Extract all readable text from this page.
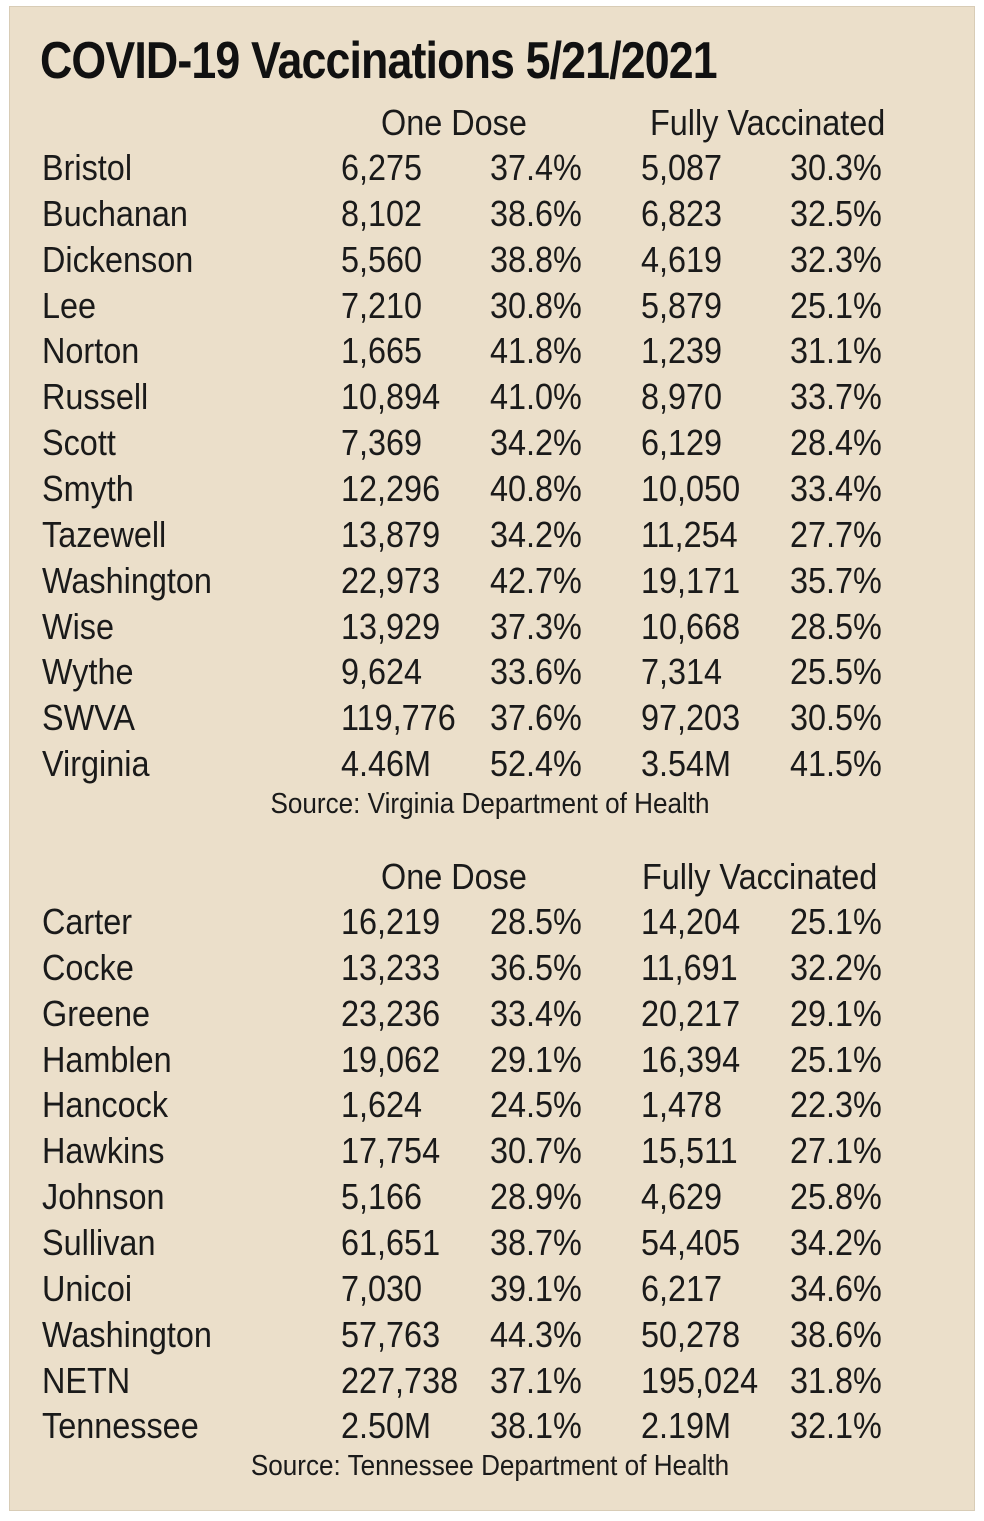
COVID-19 Vaccinations 5/21/2021
One Dose	Fully Vaccinated
Bristol	6,275 37.4% 5,087 30.3%
Buchanan	8,102 38.6% 6,823 32.5%
Dickenson	5,560 38.8% 4,619 32.3%
Lee	7,210 30.8% 5,879 25.1%
Norton	1,665 41.8% 1,239 31.1%
Russell	10,894 41.0% 8,970 33.7%
Scott	7,369 34.2% 6,129 28.4%
Smyth	12,296 40.8% 10,050 33.4%
Tazewell	13,879 34.2% 11,254 27.7%
Washington	22,973 42.7% 19,171 35.7%
Wise	13,929 37.3% 10,668 28.5%
Wythe	9,624 33.6% 7,314 25.5%
SWVA	119,776 37.6% 97,203 30.5%
Virginia	4.46M 52.4% 3.54M 41.5%
Source: Virginia Department of Health
One Dose	Fully Vaccinated
Carter	16,219 28.5% 14,204 25.1%
Cocke	13,233 36.5% 11,691 32.2%
Greene	23,236 33.4% 20,217 29.1%
Hamblen	19,062 29.1% 16,394 25.1%
Hancock	1,624 24.5% 1,478 22.3%
Hawkins	17,754 30.7% 15,511 27.1%
Johnson	5,166 28.9% 4,629 25.8%
Sullivan	61,651 38.7% 54,405 34.2%
Unicoi	7,030 39.1% 6,217 34.6%
Washington	57,763 44.3% 50,278 38.6%
NETN	227,738 37.1% 195,024 31.8%
Tennessee	2.50M 38.1% 2.19M 32.1%
Source: Tennessee Department of Health
